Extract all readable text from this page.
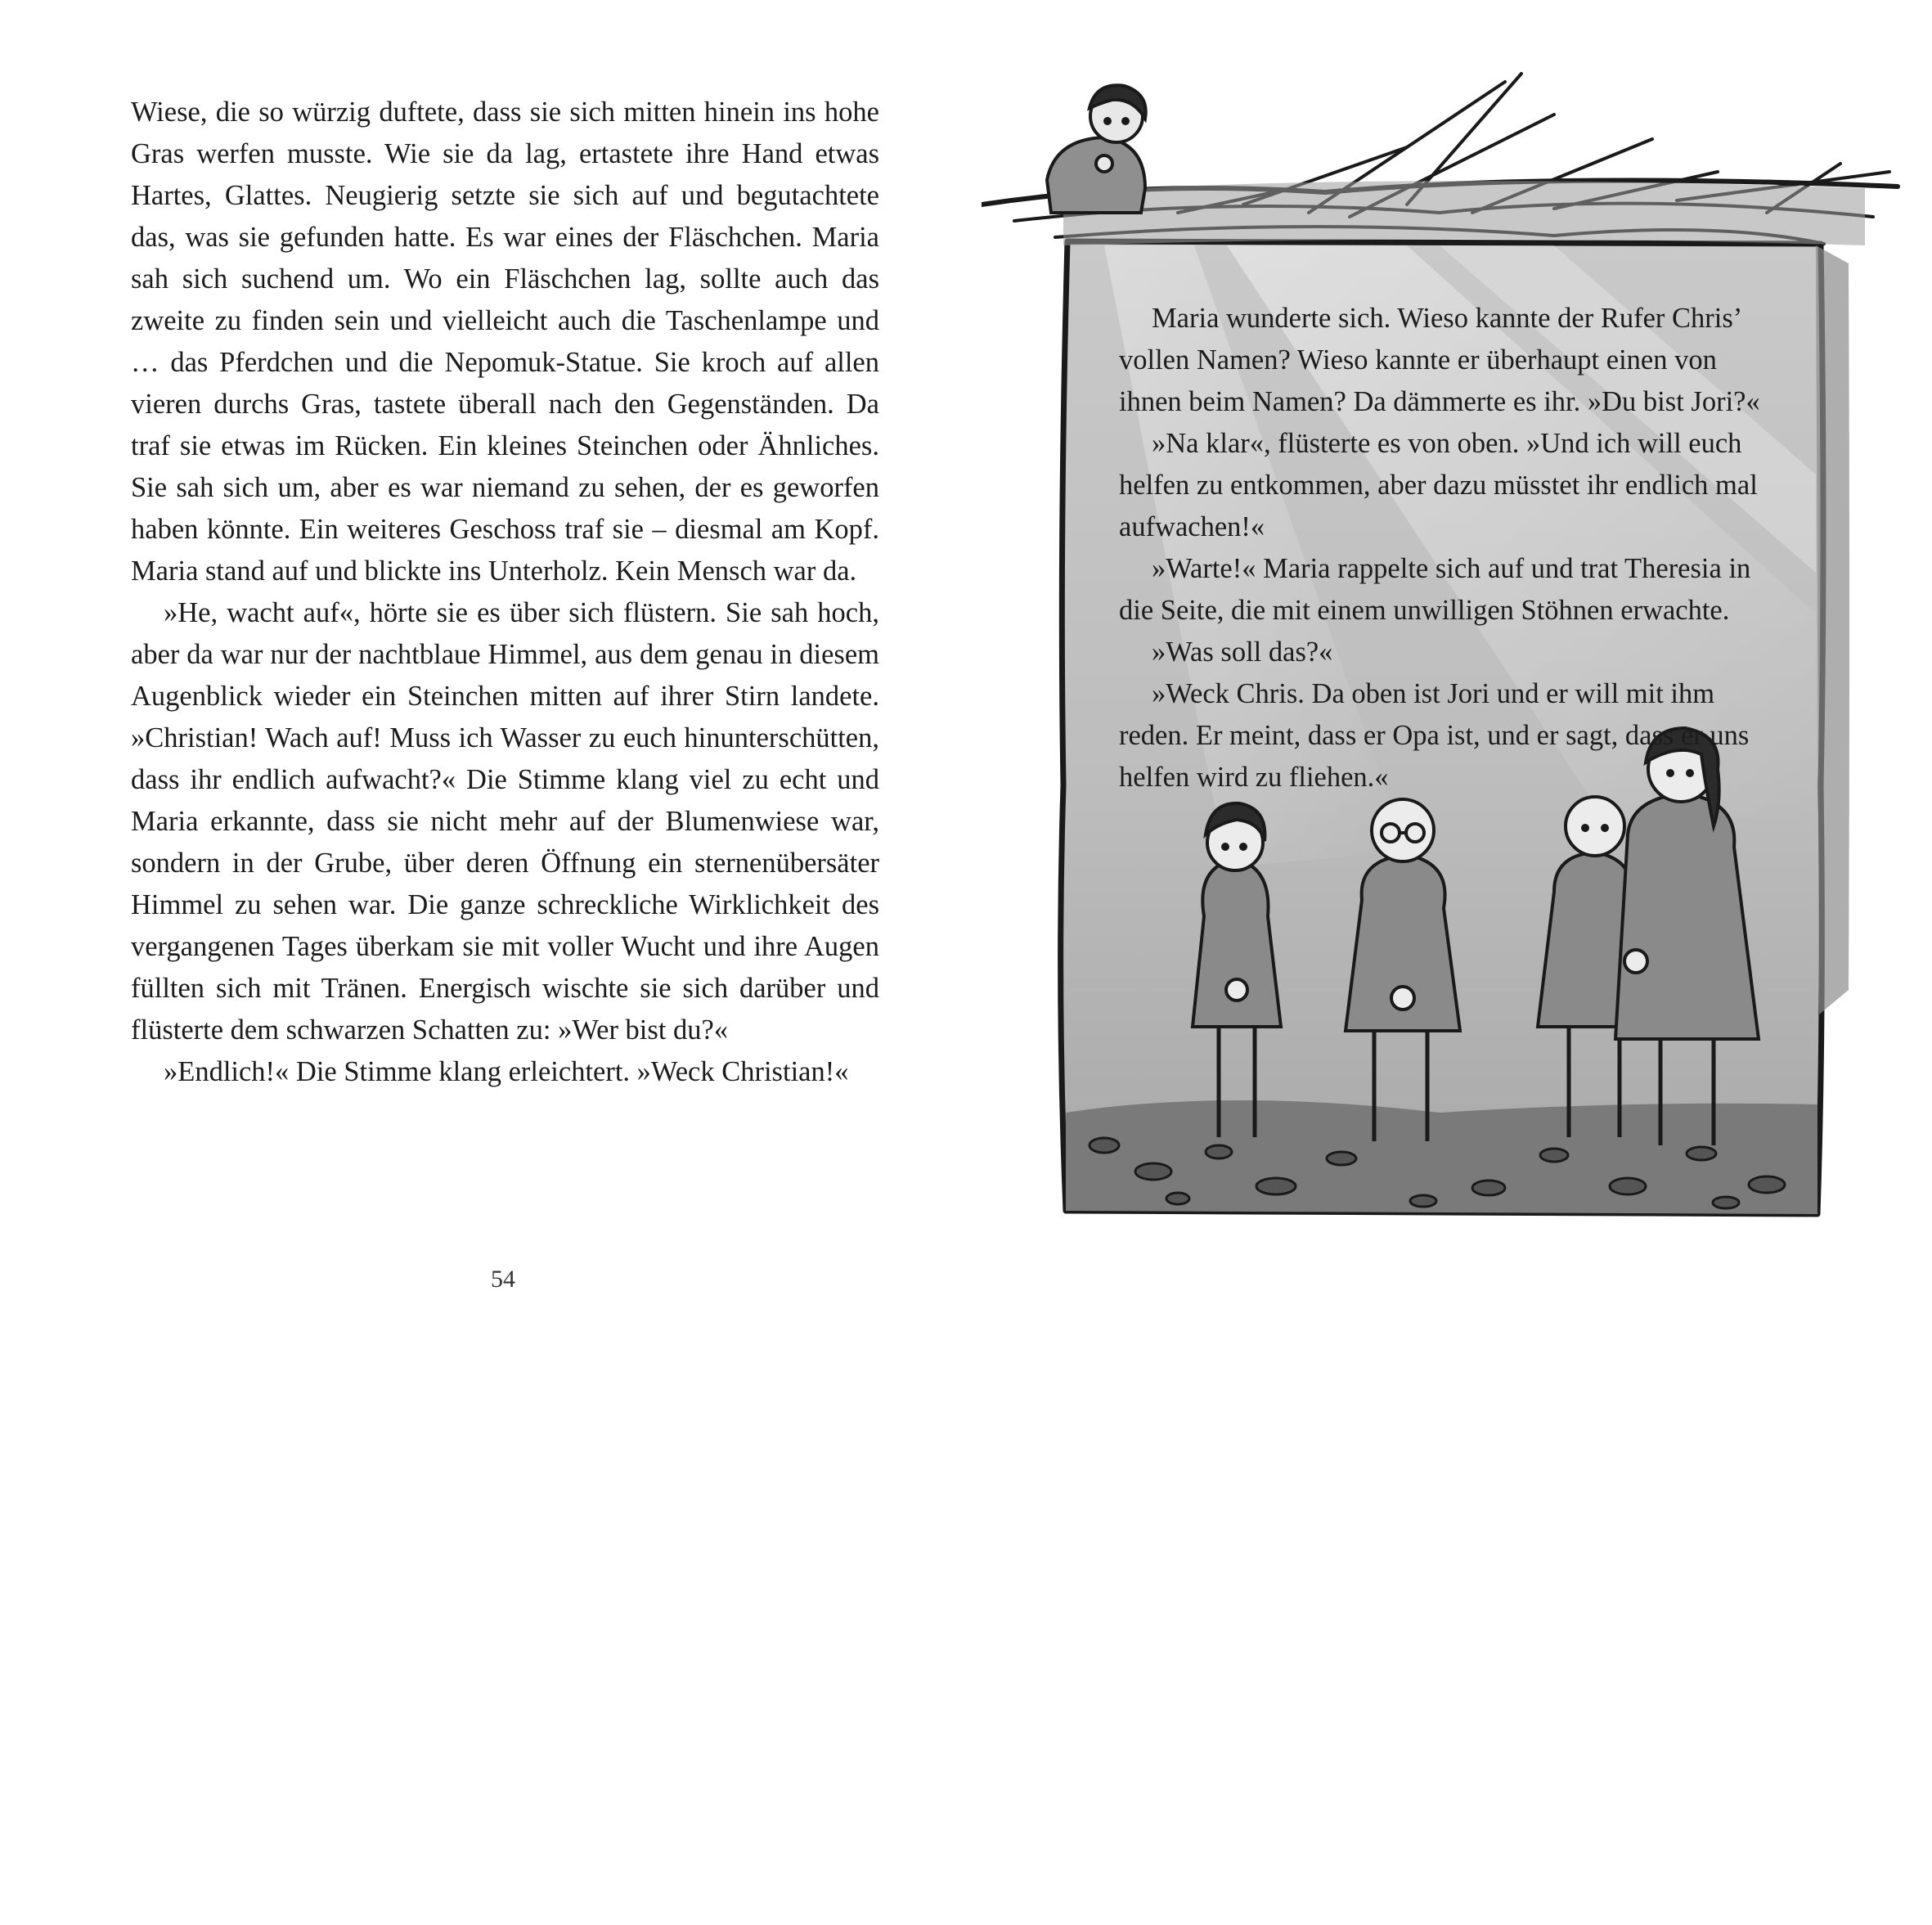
Wiese, die so würzig duftete, dass sie sich mitten hinein ins hohe Gras werfen musste. Wie sie da lag, ertastete ihre Hand etwas Hartes, Glattes. Neugierig setzte sie sich auf und begutachtete das, was sie gefunden hatte. Es war eines der Fläschchen. Maria sah sich suchend um. Wo ein Fläschchen lag, sollte auch das zweite zu finden sein und vielleicht auch die Taschenlampe und … das Pferdchen und die Nepomuk-Statue. Sie kroch auf allen vieren durchs Gras, tastete überall nach den Gegenständen. Da traf sie etwas im Rücken. Ein kleines Steinchen oder Ähnliches. Sie sah sich um, aber es war niemand zu sehen, der es geworfen haben könnte. Ein weiteres Geschoss traf sie – diesmal am Kopf. Maria stand auf und blickte ins Unterholz. Kein Mensch war da.

»He, wacht auf«, hörte sie es über sich flüstern. Sie sah hoch, aber da war nur der nachtblaue Himmel, aus dem genau in diesem Augenblick wieder ein Steinchen mitten auf ihrer Stirn landete. »Christian! Wach auf! Muss ich Wasser zu euch hinunterschütten, dass ihr endlich aufwacht?« Die Stimme klang viel zu echt und Maria erkannte, dass sie nicht mehr auf der Blumenwiese war, sondern in der Grube, über deren Öffnung ein sternenübersäter Himmel zu sehen war. Die ganze schreckliche Wirklichkeit des vergangenen Tages überkam sie mit voller Wucht und ihre Augen füllten sich mit Tränen. Energisch wischte sie sich darüber und flüsterte dem schwarzen Schatten zu: »Wer bist du?«

»Endlich!« Die Stimme klang erleichtert. »Weck Christian!«

54

Maria wunderte sich. Wieso kannte der Rufer Chris’ vollen Namen? Wieso kannte er überhaupt einen von ihnen beim Namen? Da dämmerte es ihr. »Du bist Jori?«

»Na klar«, flüsterte es von oben. »Und ich will euch helfen zu entkommen, aber dazu müsstet ihr endlich mal aufwachen!«

»Warte!« Maria rappelte sich auf und trat Theresia in die Seite, die mit einem unwilligen Stöhnen erwachte.

»Was soll das?«

»Weck Chris. Da oben ist Jori und er will mit ihm reden. Er meint, dass er Opa ist, und er sagt, dass er uns helfen wird zu fliehen.«
